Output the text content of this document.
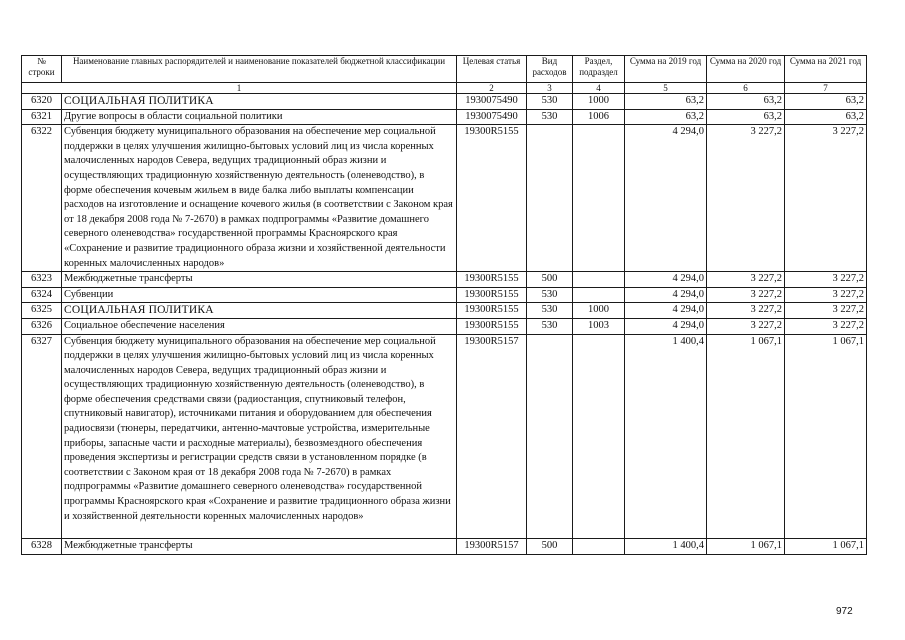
№ строки	Наименование главных распорядителей и наименование показателей бюджетной классификации	Целевая статья	Вид расходов	Раздел, подраздел	Сумма на 2019 год	Сумма на 2020 год	Сумма на 2021 год
1		2	3	4	5	6	7
6320	СОЦИАЛЬНАЯ ПОЛИТИКА	1930075490	530	1000	63,2	63,2	63,2
6321	Другие вопросы в области социальной политики	1930075490	530	1006	63,2	63,2	63,2
6322	Субвенция бюджету муниципального образования на обеспечение мер социальной поддержки в целях улучшения жилищно-бытовых условий лиц из числа коренных малочисленных народов Севера, ведущих традиционный образ жизни и осуществляющих традиционную хозяйственную деятельность (оленеводство), в форме обеспечения кочевым жильем в виде балка либо выплаты компенсации расходов на изготовление и оснащение кочевого жилья (в соответствии с Законом края от 18 декабря 2008 года № 7-2670) в рамках подпрограммы «Развитие домашнего северного оленеводства» государственной программы Красноярского края «Сохранение и развитие традиционного образа жизни и хозяйственной деятельности коренных малочисленных народов»	19300R5155			4 294,0	3 227,2	3 227,2
6323	Межбюджетные трансферты	19300R5155	500		4 294,0	3 227,2	3 227,2
6324	Субвенции	19300R5155	530		4 294,0	3 227,2	3 227,2
6325	СОЦИАЛЬНАЯ ПОЛИТИКА	19300R5155	530	1000	4 294,0	3 227,2	3 227,2
6326	Социальное обеспечение населения	19300R5155	530	1003	4 294,0	3 227,2	3 227,2
6327	Субвенция бюджету муниципального образования на обеспечение мер социальной поддержки в целях улучшения жилищно-бытовых условий лиц из числа коренных малочисленных народов Севера, ведущих традиционный образ жизни и осуществляющих традиционную хозяйственную деятельность (оленеводство), в форме обеспечения средствами связи (радиостанция, спутниковый телефон, спутниковый навигатор), источниками питания и оборудованием для обеспечения радиосвязи (тюнеры, передатчики, антенно-мачтовые устройства, измерительные приборы, запасные части и расходные материалы), безвозмездного обеспечения проведения экспертизы и регистрации средств связи в установленном порядке (в соответствии с Законом края от 18 декабря 2008 года № 7-2670) в рамках подпрограммы «Развитие домашнего северного оленеводства» государственной программы Красноярского края «Сохранение и развитие традиционного образа жизни и хозяйственной деятельности коренных малочисленных народов»	19300R5157			1 400,4	1 067,1	1 067,1
6328	Межбюджетные трансферты	19300R5157	500		1 400,4	1 067,1	1 067,1
972
